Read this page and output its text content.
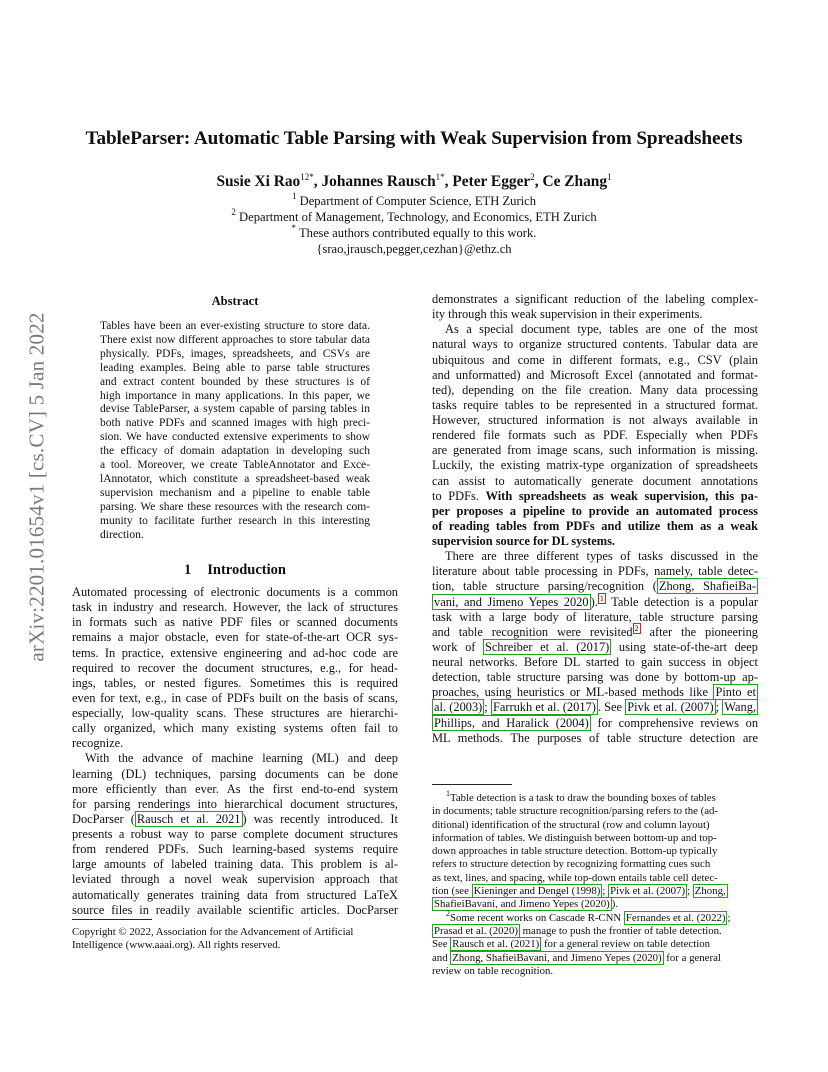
arXiv:2201.01654v1 [cs.CV] 5 Jan 2022
TableParser: Automatic Table Parsing with Weak Supervision from Spreadsheets
Susie Xi Rao$^{12*}$, Johannes Rausch$^{1*}$, Peter Egger$^2$, Ce Zhang$^1$
$^1$ Department of Computer Science, ETH Zurich
$^2$ Department of Management, Technology, and Economics, ETH Zurich
* These authors contributed equally to this work.
{srao,jrausch,pegger,cezhan}@ethz.ch
Abstract
Tables have been an ever-existing structure to store data.
There exist now different approaches to store tabular data
physically. PDFs, images, spreadsheets, and CSVs are
leading examples. Being able to parse table structures
and extract content bounded by these structures is of
high importance in many applications. In this paper, we
devise TableParser, a system capable of parsing tables in
both native PDFs and scanned images with high preci-
sion. We have conducted extensive experiments to show
the efficacy of domain adaptation in developing such
a tool. Moreover, we create TableAnnotator and Exce-
lAnnotator, which constitute a spreadsheet-based weak
supervision mechanism and a pipeline to enable table
parsing. We share these resources with the research com-
munity to facilitate further research in this interesting
direction.
1 Introduction
Automated processing of electronic documents is a common
task in industry and research. However, the lack of structures
in formats such as native PDF files or scanned documents
remains a major obstacle, even for state-of-the-art OCR sys-
tems. In practice, extensive engineering and ad-hoc code are
required to recover the document structures, e.g., for head-
ings, tables, or nested figures. Sometimes this is required
even for text, e.g., in case of PDFs built on the basis of scans,
especially, low-quality scans. These structures are hierarchi-
cally organized, which many existing systems often fail to
recognize.
With the advance of machine learning (ML) and deep
learning (DL) techniques, parsing documents can be done
more efficiently than ever. As the first end-to-end system
for parsing renderings into hierarchical document structures,
DocParser ( Rausch et al. 2021 ) was recently introduced. It
presents a robust way to parse complete document structures
from rendered PDFs. Such learning-based systems require
large amounts of labeled training data. This problem is al-
leviated through a novel weak supervision approach that
automatically generates training data from structured LaTeX
source files in readily available scientific articles. DocParser
Copyright © 2022, Association for the Advancement of Artificial
Intelligence (www.aaai.org). All rights reserved.
demonstrates a significant reduction of the labeling complex-
ity through this weak supervision in their experiments.
As a special document type, tables are one of the most
natural ways to organize structured contents. Tabular data are
ubiquitous and come in different formats, e.g., CSV (plain
and unformatted) and Microsoft Excel (annotated and format-
ted), depending on the file creation. Many data processing
tasks require tables to be represented in a structured format.
However, structured information is not always available in
rendered file formats such as PDF. Especially when PDFs
are generated from image scans, such information is missing.
Luckily, the existing matrix-type organization of spreadsheets
can assist to automatically generate document annotations
to PDFs. With spreadsheets as weak supervision, this pa-
per proposes a pipeline to provide an automated process
of reading tables from PDFs and utilize them as a weak
supervision source for DL systems.
There are three different types of tasks discussed in the
literature about table processing in PDFs, namely, table detec-
tion, table structure parsing/recognition ( Zhong, ShafieiBa-
vani, and Jimeno Yepes 2020 ). $^1$ Table detection is a popular
task with a large body of literature, table structure parsing
and table recognition were revisited $^2$ after the pioneering
work of Schreiber et al. (2017) using state-of-the-art deep
neural networks. Before DL started to gain success in object
detection, table structure parsing was done by bottom-up ap-
proaches, using heuristics or ML-based methods like Pinto et
al. (2003) ; Farrukh et al. (2017) . See Pivk et al. (2007) ; Wang,
Phillips, and Haralick (2004) for comprehensive reviews on
ML methods. The purposes of table structure detection are
$^1$Table detection is a task to draw the bounding boxes of tables
in documents; table structure recognition/parsing refers to the (ad-
ditional) identification of the structural (row and column layout)
information of tables. We distinguish between bottom-up and top-
down approaches in table structure detection. Bottom-up typically
refers to structure detection by recognizing formatting cues such
as text, lines, and spacing, while top-down entails table cell detec-
tion (see Kieninger and Dengel (1998) ; Pivk et al. (2007) ; Zhong,
ShafieiBavani, and Jimeno Yepes (2020) ).
$^2$Some recent works on Cascade R-CNN Fernandes et al. (2022) ;
Prasad et al. (2020) manage to push the frontier of table detection.
See Rausch et al. (2021) for a general review on table detection
and Zhong, ShafieiBavani, and Jimeno Yepes (2020) for a general
review on table recognition.
